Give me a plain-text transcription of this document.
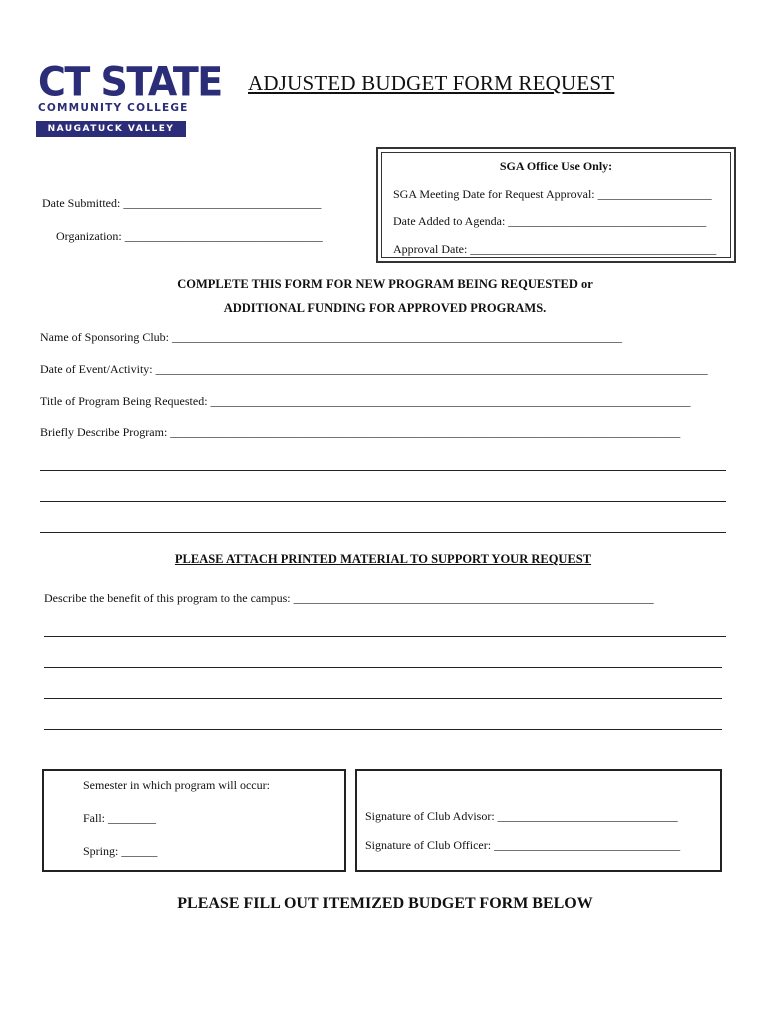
CT STATE
COMMUNITY COLLEGE
NAUGATUCK VALLEY
ADJUSTED BUDGET FORM REQUEST
SGA Office Use Only:
SGA Meeting Date for Request Approval: ___________________
Date Added to Agenda: _________________________________
Approval Date: _________________________________________
Date Submitted: _________________________________
Organization: _________________________________
COMPLETE THIS FORM FOR NEW PROGRAM BEING REQUESTED or
ADDITIONAL FUNDING FOR APPROVED PROGRAMS.
Name of Sponsoring Club: ___________________________________________________________________________
Date of Event/Activity: ____________________________________________________________________________________________
Title of Program Being Requested: ________________________________________________________________________________
Briefly Describe Program: _____________________________________________________________________________________
PLEASE ATTACH PRINTED MATERIAL TO SUPPORT YOUR REQUEST
Describe the benefit of this program to the campus: ____________________________________________________________
Semester in which program will occur:
Fall: ________
Spring: ______
Signature of Club Advisor: ______________________________
Signature of Club Officer: _______________________________
PLEASE FILL OUT ITEMIZED BUDGET FORM BELOW
